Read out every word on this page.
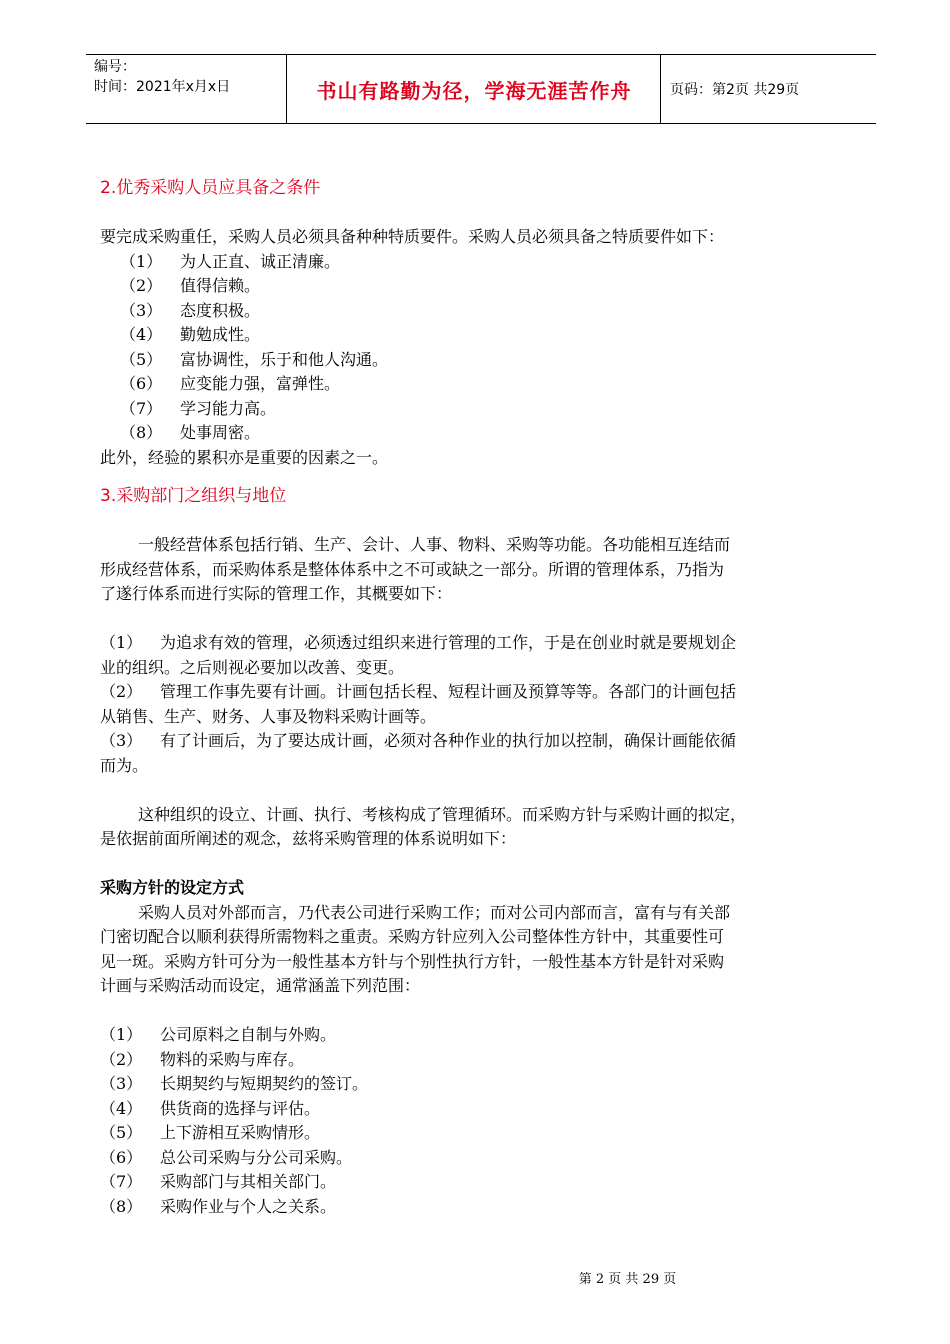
编号：
时间：2021年x月x日	书山有路勤为径，学海无涯苦作舟	页码：第2页 共29页
2.优秀采购人员应具备之条件
要完成采购重任，采购人员必须具备种种特质要件。采购人员必须具备之特质要件如下：
（1） 为人正直、诚正清廉。
（2） 值得信赖。
（3） 态度积极。
（4） 勤勉成性。
（5） 富协调性，乐于和他人沟通。
（6） 应变能力强，富弹性。
（7） 学习能力高。
（8） 处事周密。
此外，经验的累积亦是重要的因素之一。
3.采购部门之组织与地位
一般经营体系包括行销、生产、会计、人事、物料、采购等功能。各功能相互连结而
形成经营体系，而采购体系是整体体系中之不可或缺之一部分。所谓的管理体系，乃指为
了遂行体系而进行实际的管理工作，其概要如下：
（1） 为追求有效的管理，必须透过组织来进行管理的工作，于是在创业时就是要规划企
业的组织。之后则视必要加以改善、变更。
（2） 管理工作事先要有计画。计画包括长程、短程计画及预算等等。各部门的计画包括
从销售、生产、财务、人事及物料采购计画等。
（3） 有了计画后，为了要达成计画，必须对各种作业的执行加以控制，确保计画能依循
而为。
这种组织的设立、计画、执行、考核构成了管理循环。而采购方针与采购计画的拟定，
是依据前面所阐述的观念，兹将采购管理的体系说明如下：
采购方针的设定方式
采购人员对外部而言，乃代表公司进行采购工作；而对公司内部而言，富有与有关部
门密切配合以顺利获得所需物料之重责。采购方针应列入公司整体性方针中，其重要性可
见一斑。采购方针可分为一般性基本方针与个别性执行方针，一般性基本方针是针对采购
计画与采购活动而设定，通常涵盖下列范围：
（1） 公司原料之自制与外购。
（2） 物料的采购与库存。
（3） 长期契约与短期契约的签订。
（4） 供货商的选择与评估。
（5） 上下游相互采购情形。
（6） 总公司采购与分公司采购。
（7） 采购部门与其相关部门。
（8） 采购作业与个人之关系。
第 2 页 共 29 页
